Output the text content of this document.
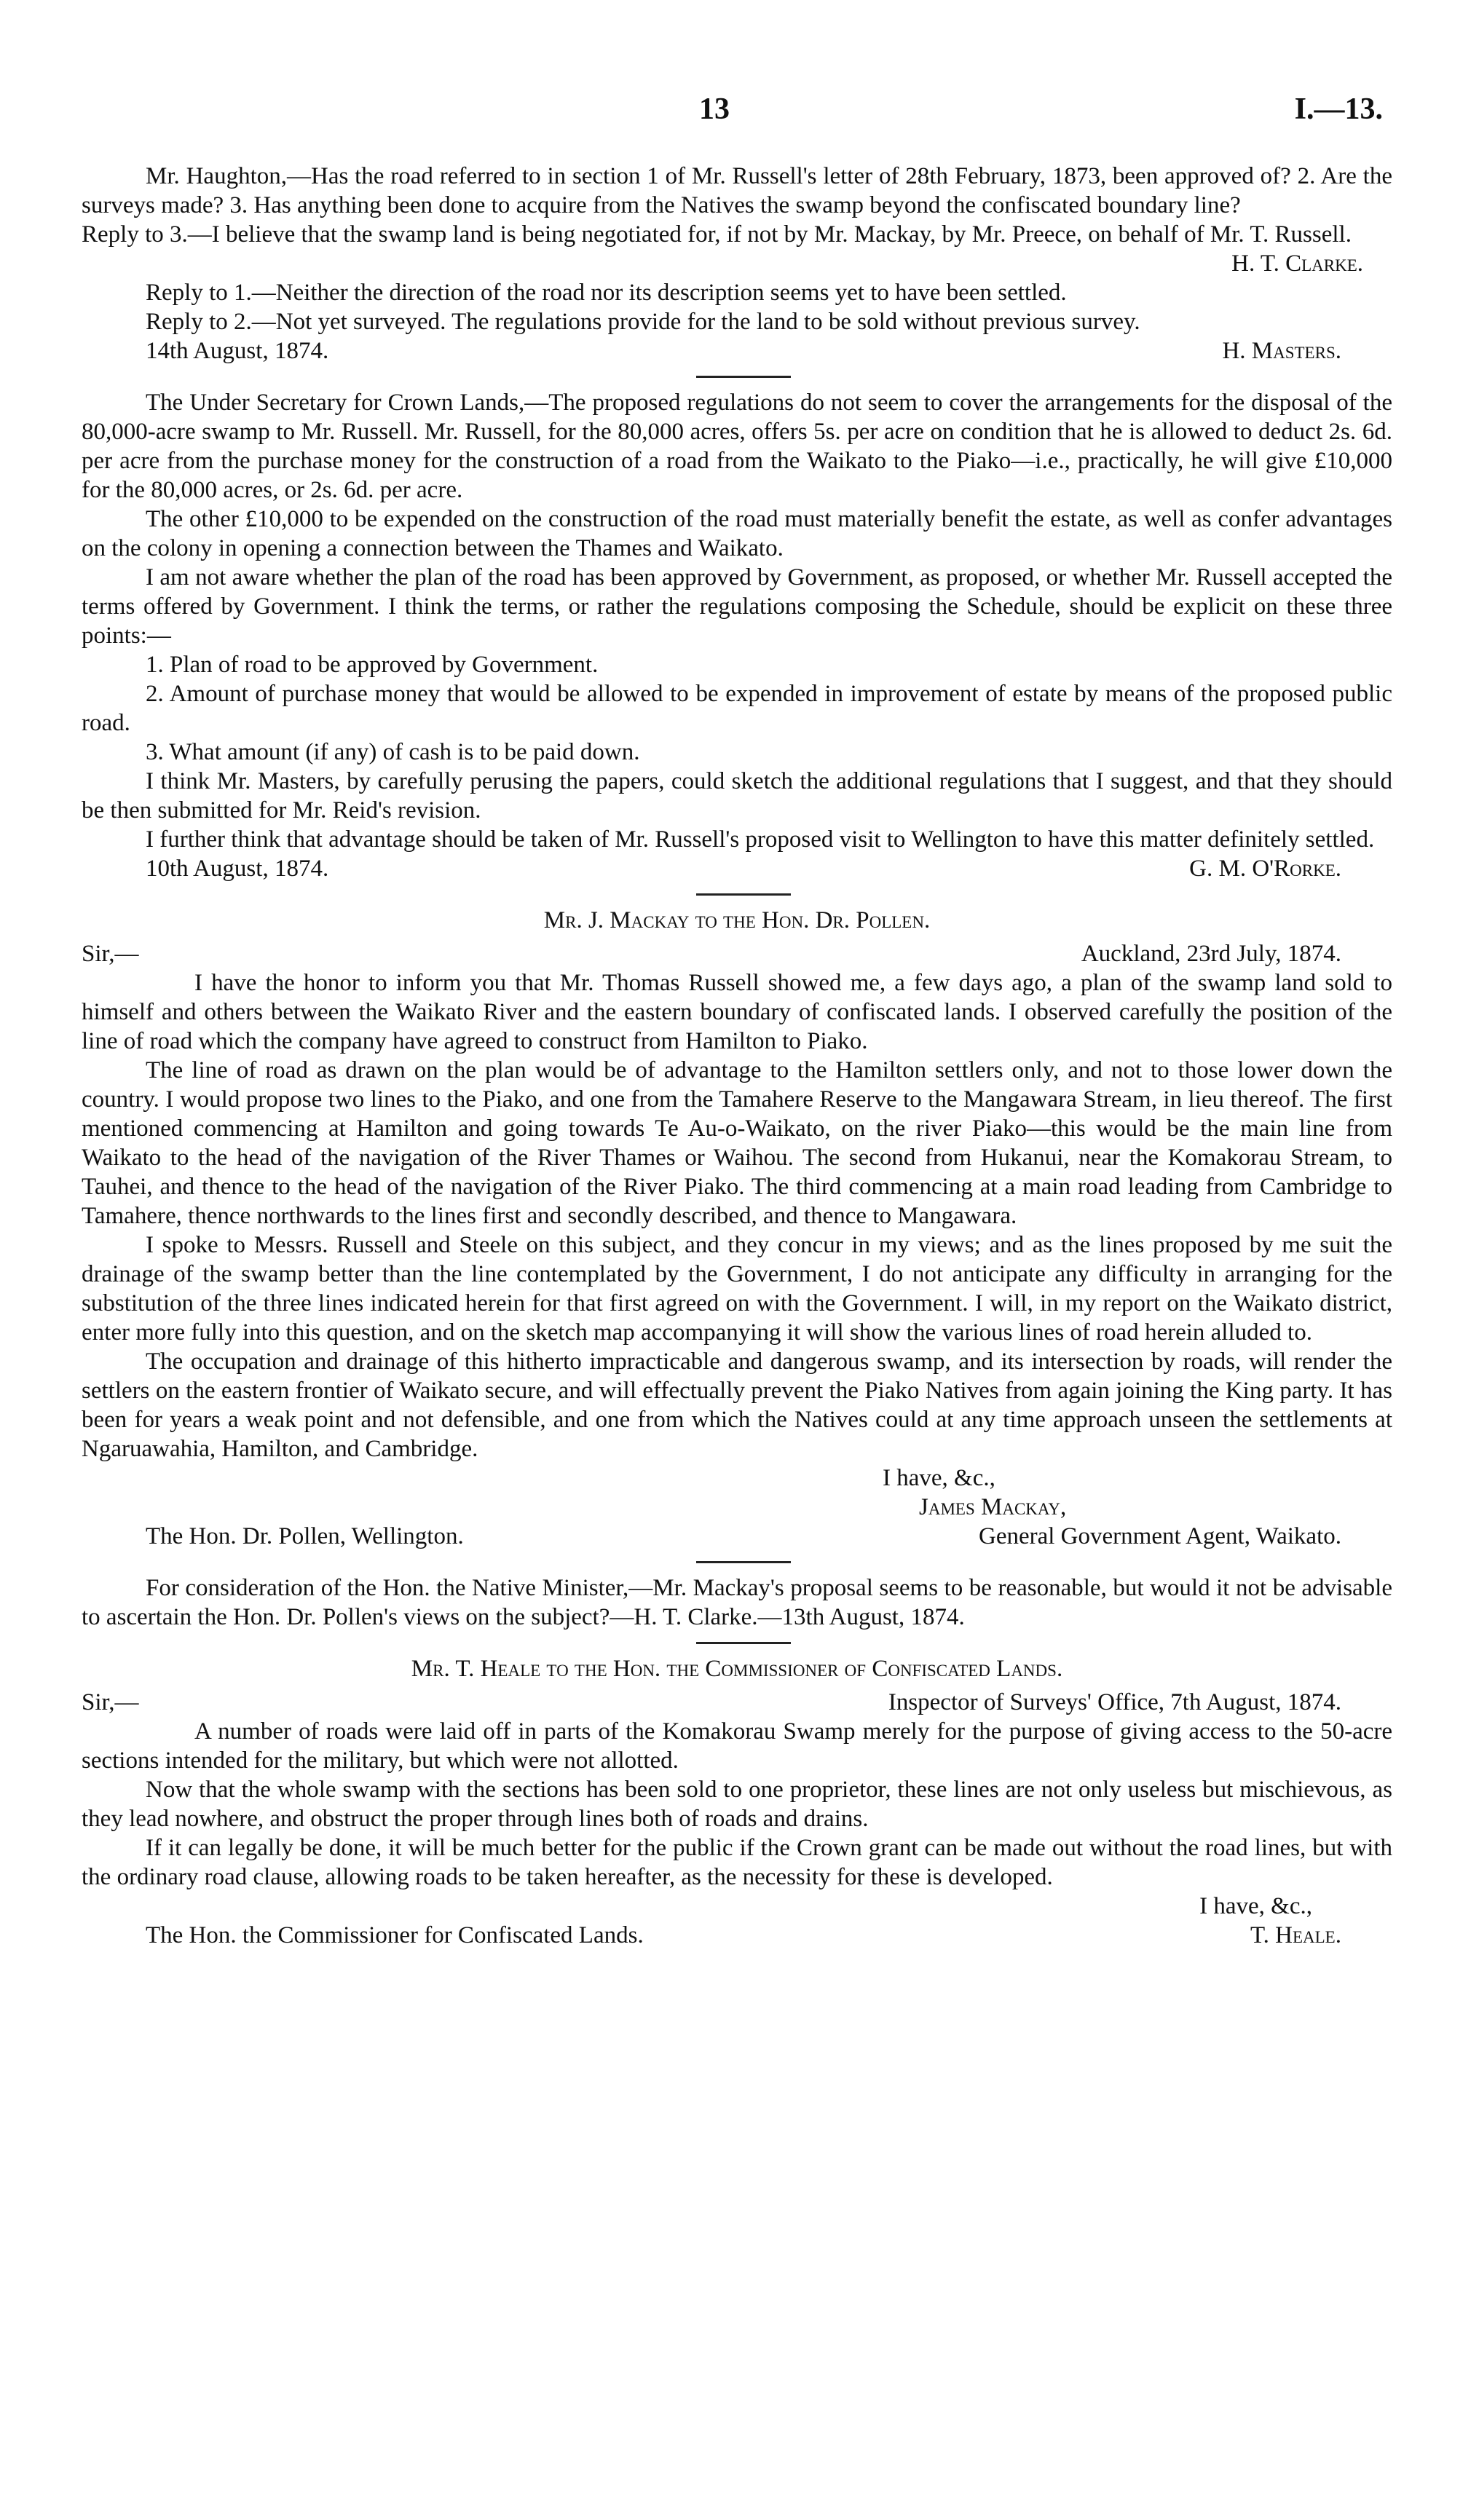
13	I.—13.

Mr. Haughton,—Has the road referred to in section 1 of Mr. Russell's letter of 28th February, 1873, been approved of? 2. Are the surveys made? 3. Has anything been done to acquire from the Natives the swamp beyond the confiscated boundary line?

Reply to 3.—I believe that the swamp land is being negotiated for, if not by Mr. Mackay, by Mr. Preece, on behalf of Mr. T. Russell.

H. T. Clarke.

Reply to 1.—Neither the direction of the road nor its description seems yet to have been settled.

Reply to 2.—Not yet surveyed. The regulations provide for the land to be sold without previous survey.

14th August, 1874.	H. Masters.

The Under Secretary for Crown Lands,—The proposed regulations do not seem to cover the arrangements for the disposal of the 80,000-acre swamp to Mr. Russell. Mr. Russell, for the 80,000 acres, offers 5s. per acre on condition that he is allowed to deduct 2s. 6d. per acre from the purchase money for the construction of a road from the Waikato to the Piako—i.e., practically, he will give £10,000 for the 80,000 acres, or 2s. 6d. per acre.

The other £10,000 to be expended on the construction of the road must materially benefit the estate, as well as confer advantages on the colony in opening a connection between the Thames and Waikato.

I am not aware whether the plan of the road has been approved by Government, as proposed, or whether Mr. Russell accepted the terms offered by Government. I think the terms, or rather the regulations composing the Schedule, should be explicit on these three points:—

1. Plan of road to be approved by Government.

2. Amount of purchase money that would be allowed to be expended in improvement of estate by means of the proposed public road.

3. What amount (if any) of cash is to be paid down.

I think Mr. Masters, by carefully perusing the papers, could sketch the additional regulations that I suggest, and that they should be then submitted for Mr. Reid's revision.

I further think that advantage should be taken of Mr. Russell's proposed visit to Wellington to have this matter definitely settled.

10th August, 1874.	G. M. O'Rorke.

Mr. J. Mackay to the Hon. Dr. Pollen.

Sir,—	Auckland, 23rd July, 1874.

I have the honor to inform you that Mr. Thomas Russell showed me, a few days ago, a plan of the swamp land sold to himself and others between the Waikato River and the eastern boundary of confiscated lands. I observed carefully the position of the line of road which the company have agreed to construct from Hamilton to Piako.

The line of road as drawn on the plan would be of advantage to the Hamilton settlers only, and not to those lower down the country. I would propose two lines to the Piako, and one from the Tamahere Reserve to the Mangawara Stream, in lieu thereof. The first mentioned commencing at Hamilton and going towards Te Au-o-Waikato, on the river Piako—this would be the main line from Waikato to the head of the navigation of the River Thames or Waihou. The second from Hukanui, near the Komakorau Stream, to Tauhei, and thence to the head of the navigation of the River Piako. The third commencing at a main road leading from Cambridge to Tamahere, thence northwards to the lines first and secondly described, and thence to Mangawara.

I spoke to Messrs. Russell and Steele on this subject, and they concur in my views; and as the lines proposed by me suit the drainage of the swamp better than the line contemplated by the Government, I do not anticipate any difficulty in arranging for the substitution of the three lines indicated herein for that first agreed on with the Government. I will, in my report on the Waikato district, enter more fully into this question, and on the sketch map accompanying it will show the various lines of road herein alluded to.

The occupation and drainage of this hitherto impracticable and dangerous swamp, and its intersection by roads, will render the settlers on the eastern frontier of Waikato secure, and will effectually prevent the Piako Natives from again joining the King party. It has been for years a weak point and not defensible, and one from which the Natives could at any time approach unseen the settlements at Ngaruawahia, Hamilton, and Cambridge.

I have, &c.,

James Mackay,

The Hon. Dr. Pollen, Wellington.	General Government Agent, Waikato.

For consideration of the Hon. the Native Minister,—Mr. Mackay's proposal seems to be reasonable, but would it not be advisable to ascertain the Hon. Dr. Pollen's views on the subject?—H. T. Clarke.—13th August, 1874.

Mr. T. Heale to the Hon. the Commissioner of Confiscated Lands.

Sir,—	Inspector of Surveys' Office, 7th August, 1874.

A number of roads were laid off in parts of the Komakorau Swamp merely for the purpose of giving access to the 50-acre sections intended for the military, but which were not allotted.

Now that the whole swamp with the sections has been sold to one proprietor, these lines are not only useless but mischievous, as they lead nowhere, and obstruct the proper through lines both of roads and drains.

If it can legally be done, it will be much better for the public if the Crown grant can be made out without the road lines, but with the ordinary road clause, allowing roads to be taken hereafter, as the necessity for these is developed.

I have, &c.,

The Hon. the Commissioner for Confiscated Lands.	T. Heale.
